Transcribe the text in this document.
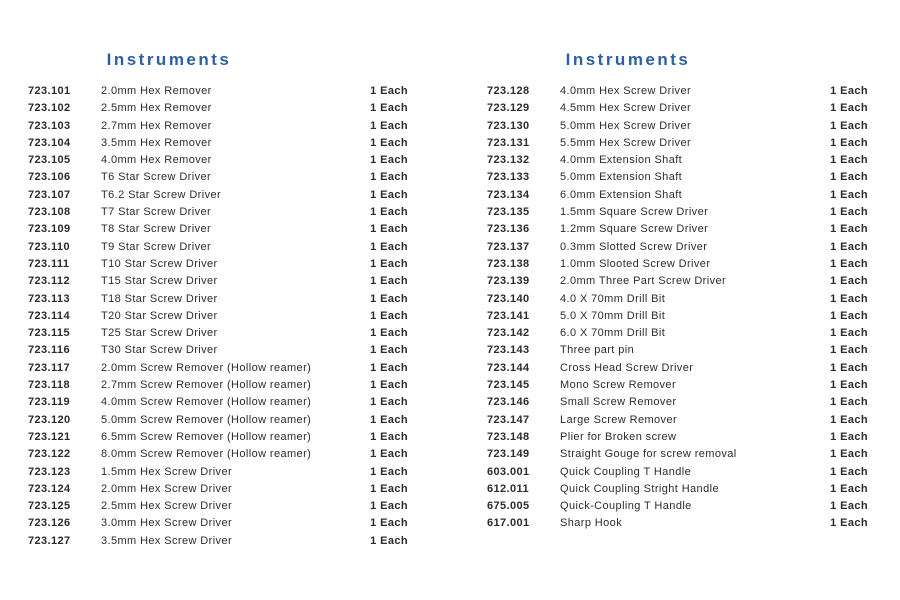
Instruments
723.101	2.0mm Hex Remover	1 Each
723.102	2.5mm Hex Remover	1 Each
723.103	2.7mm Hex Remover	1 Each
723.104	3.5mm Hex Remover	1 Each
723.105	4.0mm Hex Remover	1 Each
723.106	T6 Star Screw Driver	1 Each
723.107	T6.2 Star Screw Driver	1 Each
723.108	T7 Star Screw Driver	1 Each
723.109	T8 Star Screw Driver	1 Each
723.110	T9 Star Screw Driver	1 Each
723.111	T10 Star Screw Driver	1 Each
723.112	T15 Star Screw Driver	1 Each
723.113	T18 Star Screw Driver	1 Each
723.114	T20 Star Screw Driver	1 Each
723.115	T25 Star Screw Driver	1 Each
723.116	T30 Star Screw Driver	1 Each
723.117	2.0mm Screw Remover (Hollow reamer)	1 Each
723.118	2.7mm Screw Remover (Hollow reamer)	1 Each
723.119	4.0mm Screw Remover (Hollow reamer)	1 Each
723.120	5.0mm Screw Remover (Hollow reamer)	1 Each
723.121	6.5mm Screw Remover (Hollow reamer)	1 Each
723.122	8.0mm Screw Remover (Hollow reamer)	1 Each
723.123	1.5mm Hex Screw Driver	1 Each
723.124	2.0mm Hex Screw Driver	1 Each
723.125	2.5mm Hex Screw Driver	1 Each
723.126	3.0mm Hex Screw Driver	1 Each
723.127	3.5mm Hex Screw Driver	1 Each
Instruments
723.128	4.0mm Hex Screw Driver	1 Each
723.129	4.5mm Hex Screw Driver	1 Each
723.130	5.0mm Hex Screw Driver	1 Each
723.131	5.5mm Hex Screw Driver	1 Each
723.132	4.0mm Extension Shaft	1 Each
723.133	5.0mm Extension Shaft	1 Each
723.134	6.0mm Extension Shaft	1 Each
723.135	1.5mm Square Screw Driver	1 Each
723.136	1.2mm Square Screw Driver	1 Each
723.137	0.3mm Slotted Screw Driver	1 Each
723.138	1.0mm Slooted Screw Driver	1 Each
723.139	2.0mm Three Part Screw Driver	1 Each
723.140	4.0 X 70mm Drill Bit	1 Each
723.141	5.0 X 70mm Drill Bit	1 Each
723.142	6.0 X 70mm Drill Bit	1 Each
723.143	Three part pin	1 Each
723.144	Cross Head Screw Driver	1 Each
723.145	Mono Screw Remover	1 Each
723.146	Small Screw Remover	1 Each
723.147	Large Screw Remover	1 Each
723.148	Plier for Broken screw	1 Each
723.149	Straight Gouge for screw removal	1 Each
603.001	Quick Coupling T Handle	1 Each
612.011	Quick Coupling Stright Handle	1 Each
675.005	Quick-Coupling T Handle	1 Each
617.001	Sharp Hook	1 Each
